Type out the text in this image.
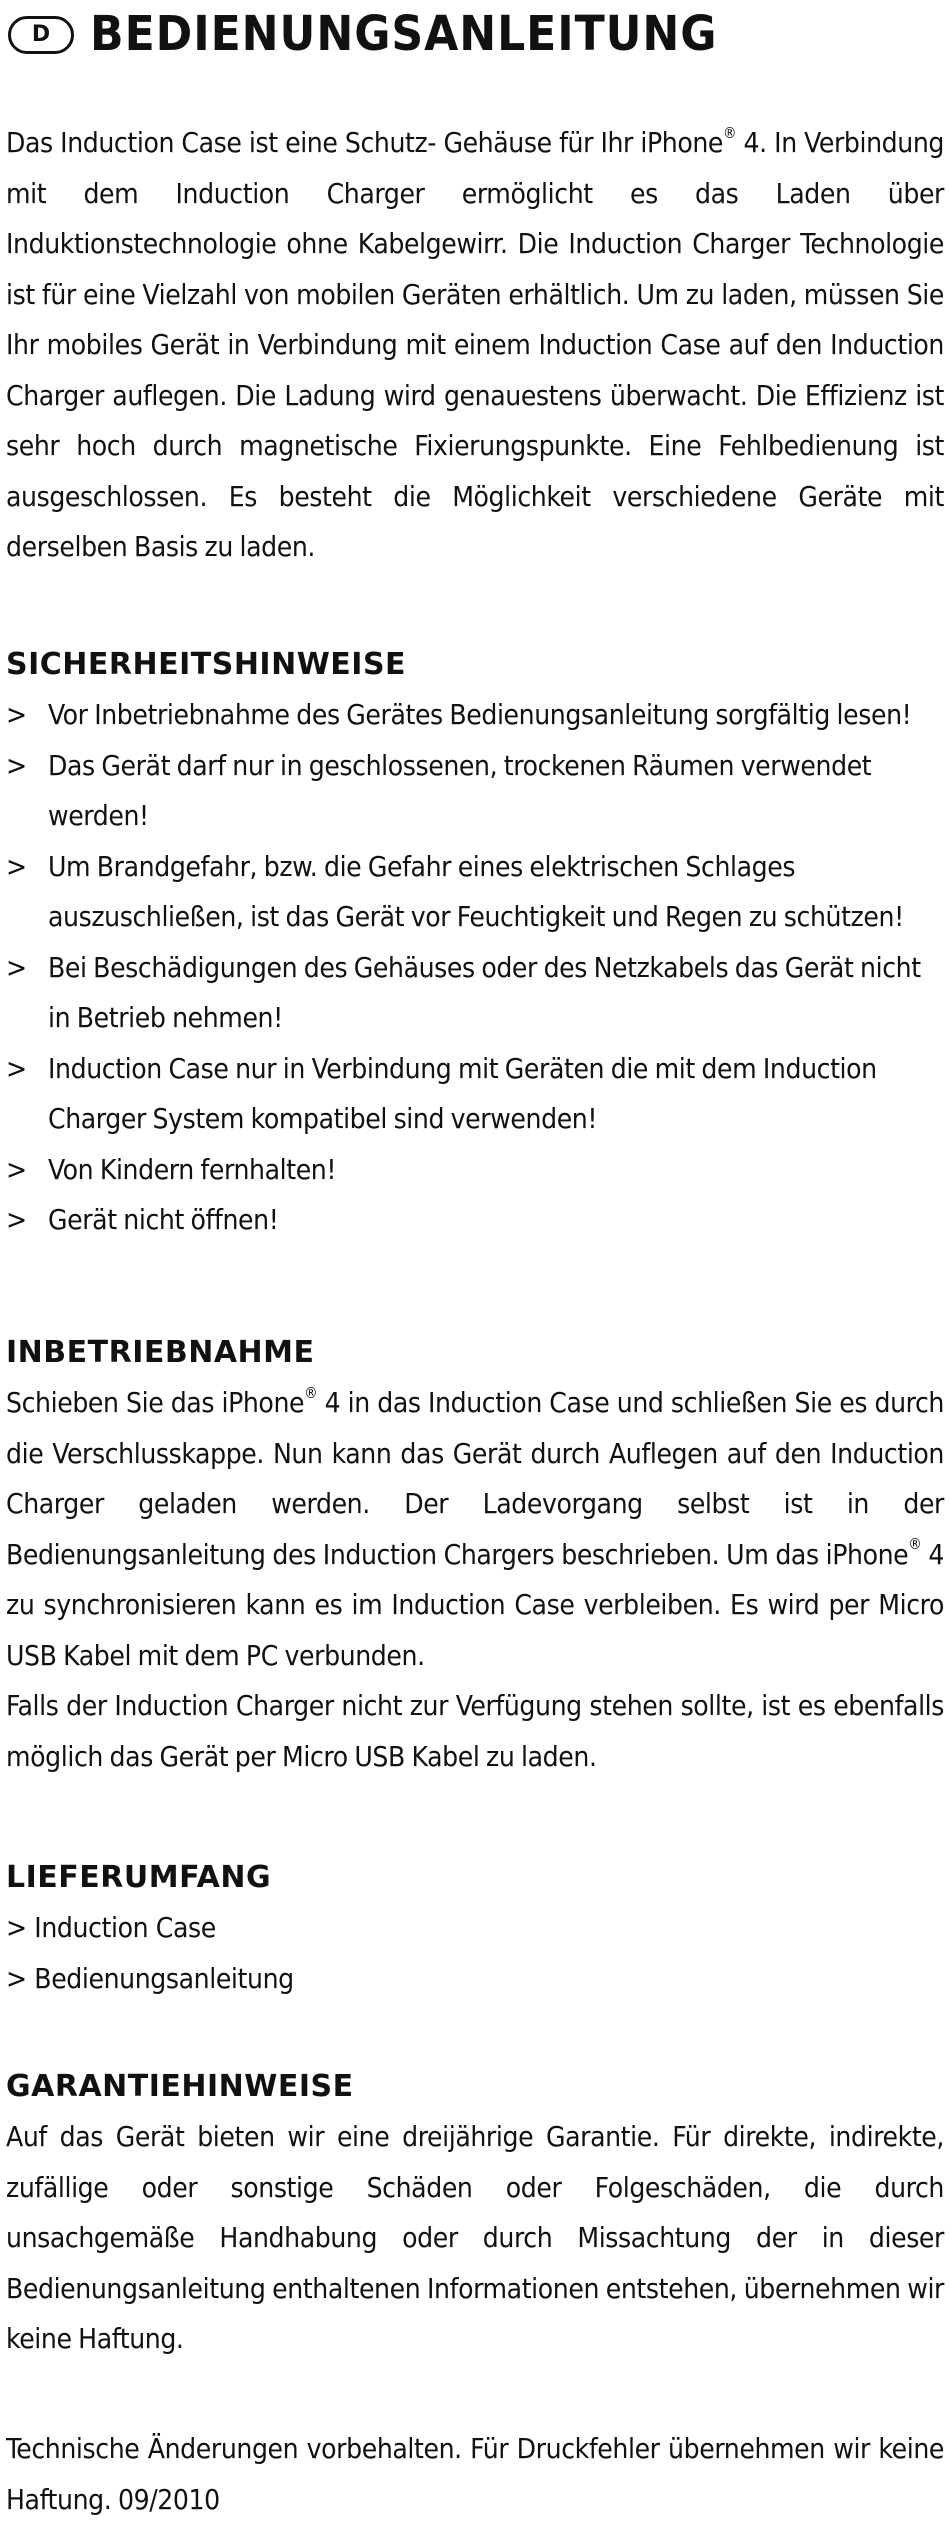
D BEDIENUNGSANLEITUNG

Das Induction Case ist eine Schutz- Gehäuse für Ihr iPhone® 4. In Verbindung mit dem Induction Charger ermöglicht es das Laden über Induktionstechnologie ohne Kabelgewirr. Die Induction Charger Technologie ist für eine Vielzahl von mobilen Geräten erhältlich. Um zu laden, müssen Sie Ihr mobiles Gerät in Verbindung mit einem Induction Case auf den Induction Charger auflegen. Die Ladung wird genauestens überwacht. Die Effizienz ist sehr hoch durch magnetische Fixierungspunkte. Eine Fehlbedienung ist ausgeschlossen. Es besteht die Möglichkeit verschiedene Geräte mit derselben Basis zu laden.

SICHERHEITSHINWEISE
> Vor Inbetriebnahme des Gerätes Bedienungsanleitung sorgfältig lesen!
> Das Gerät darf nur in geschlossenen, trockenen Räumen verwendet werden!
> Um Brandgefahr, bzw. die Gefahr eines elektrischen Schlages auszuschließen, ist das Gerät vor Feuchtigkeit und Regen zu schützen!
> Bei Beschädigungen des Gehäuses oder des Netzkabels das Gerät nicht in Betrieb nehmen!
> Induction Case nur in Verbindung mit Geräten die mit dem Induction Charger System kompatibel sind verwenden!
> Von Kindern fernhalten!
> Gerät nicht öffnen!
INBETRIEBNAHME

Schieben Sie das iPhone® 4 in das Induction Case und schließen Sie es durch die Verschlusskappe. Nun kann das Gerät durch Auflegen auf den Induction Charger geladen werden. Der Ladevorgang selbst ist in der Bedienungsanleitung des Induction Chargers beschrieben. Um das iPhone® 4 zu synchronisieren kann es im Induction Case verbleiben. Es wird per Micro USB Kabel mit dem PC verbunden.

Falls der Induction Charger nicht zur Verfügung stehen sollte, ist es ebenfalls möglich das Gerät per Micro USB Kabel zu laden.

LIEFERUMFANG
> Induction Case
> Bedienungsanleitung
GARANTIEHINWEISE

Auf das Gerät bieten wir eine dreijährige Garantie. Für direkte, indirekte, zufällige oder sonstige Schäden oder Folgeschäden, die durch unsachgemäße Handhabung oder durch Missachtung der in dieser Bedienungsanleitung enthaltenen Informationen entstehen, übernehmen wir keine Haftung.

Technische Änderungen vorbehalten. Für Druckfehler übernehmen wir keine Haftung. 09/2010
